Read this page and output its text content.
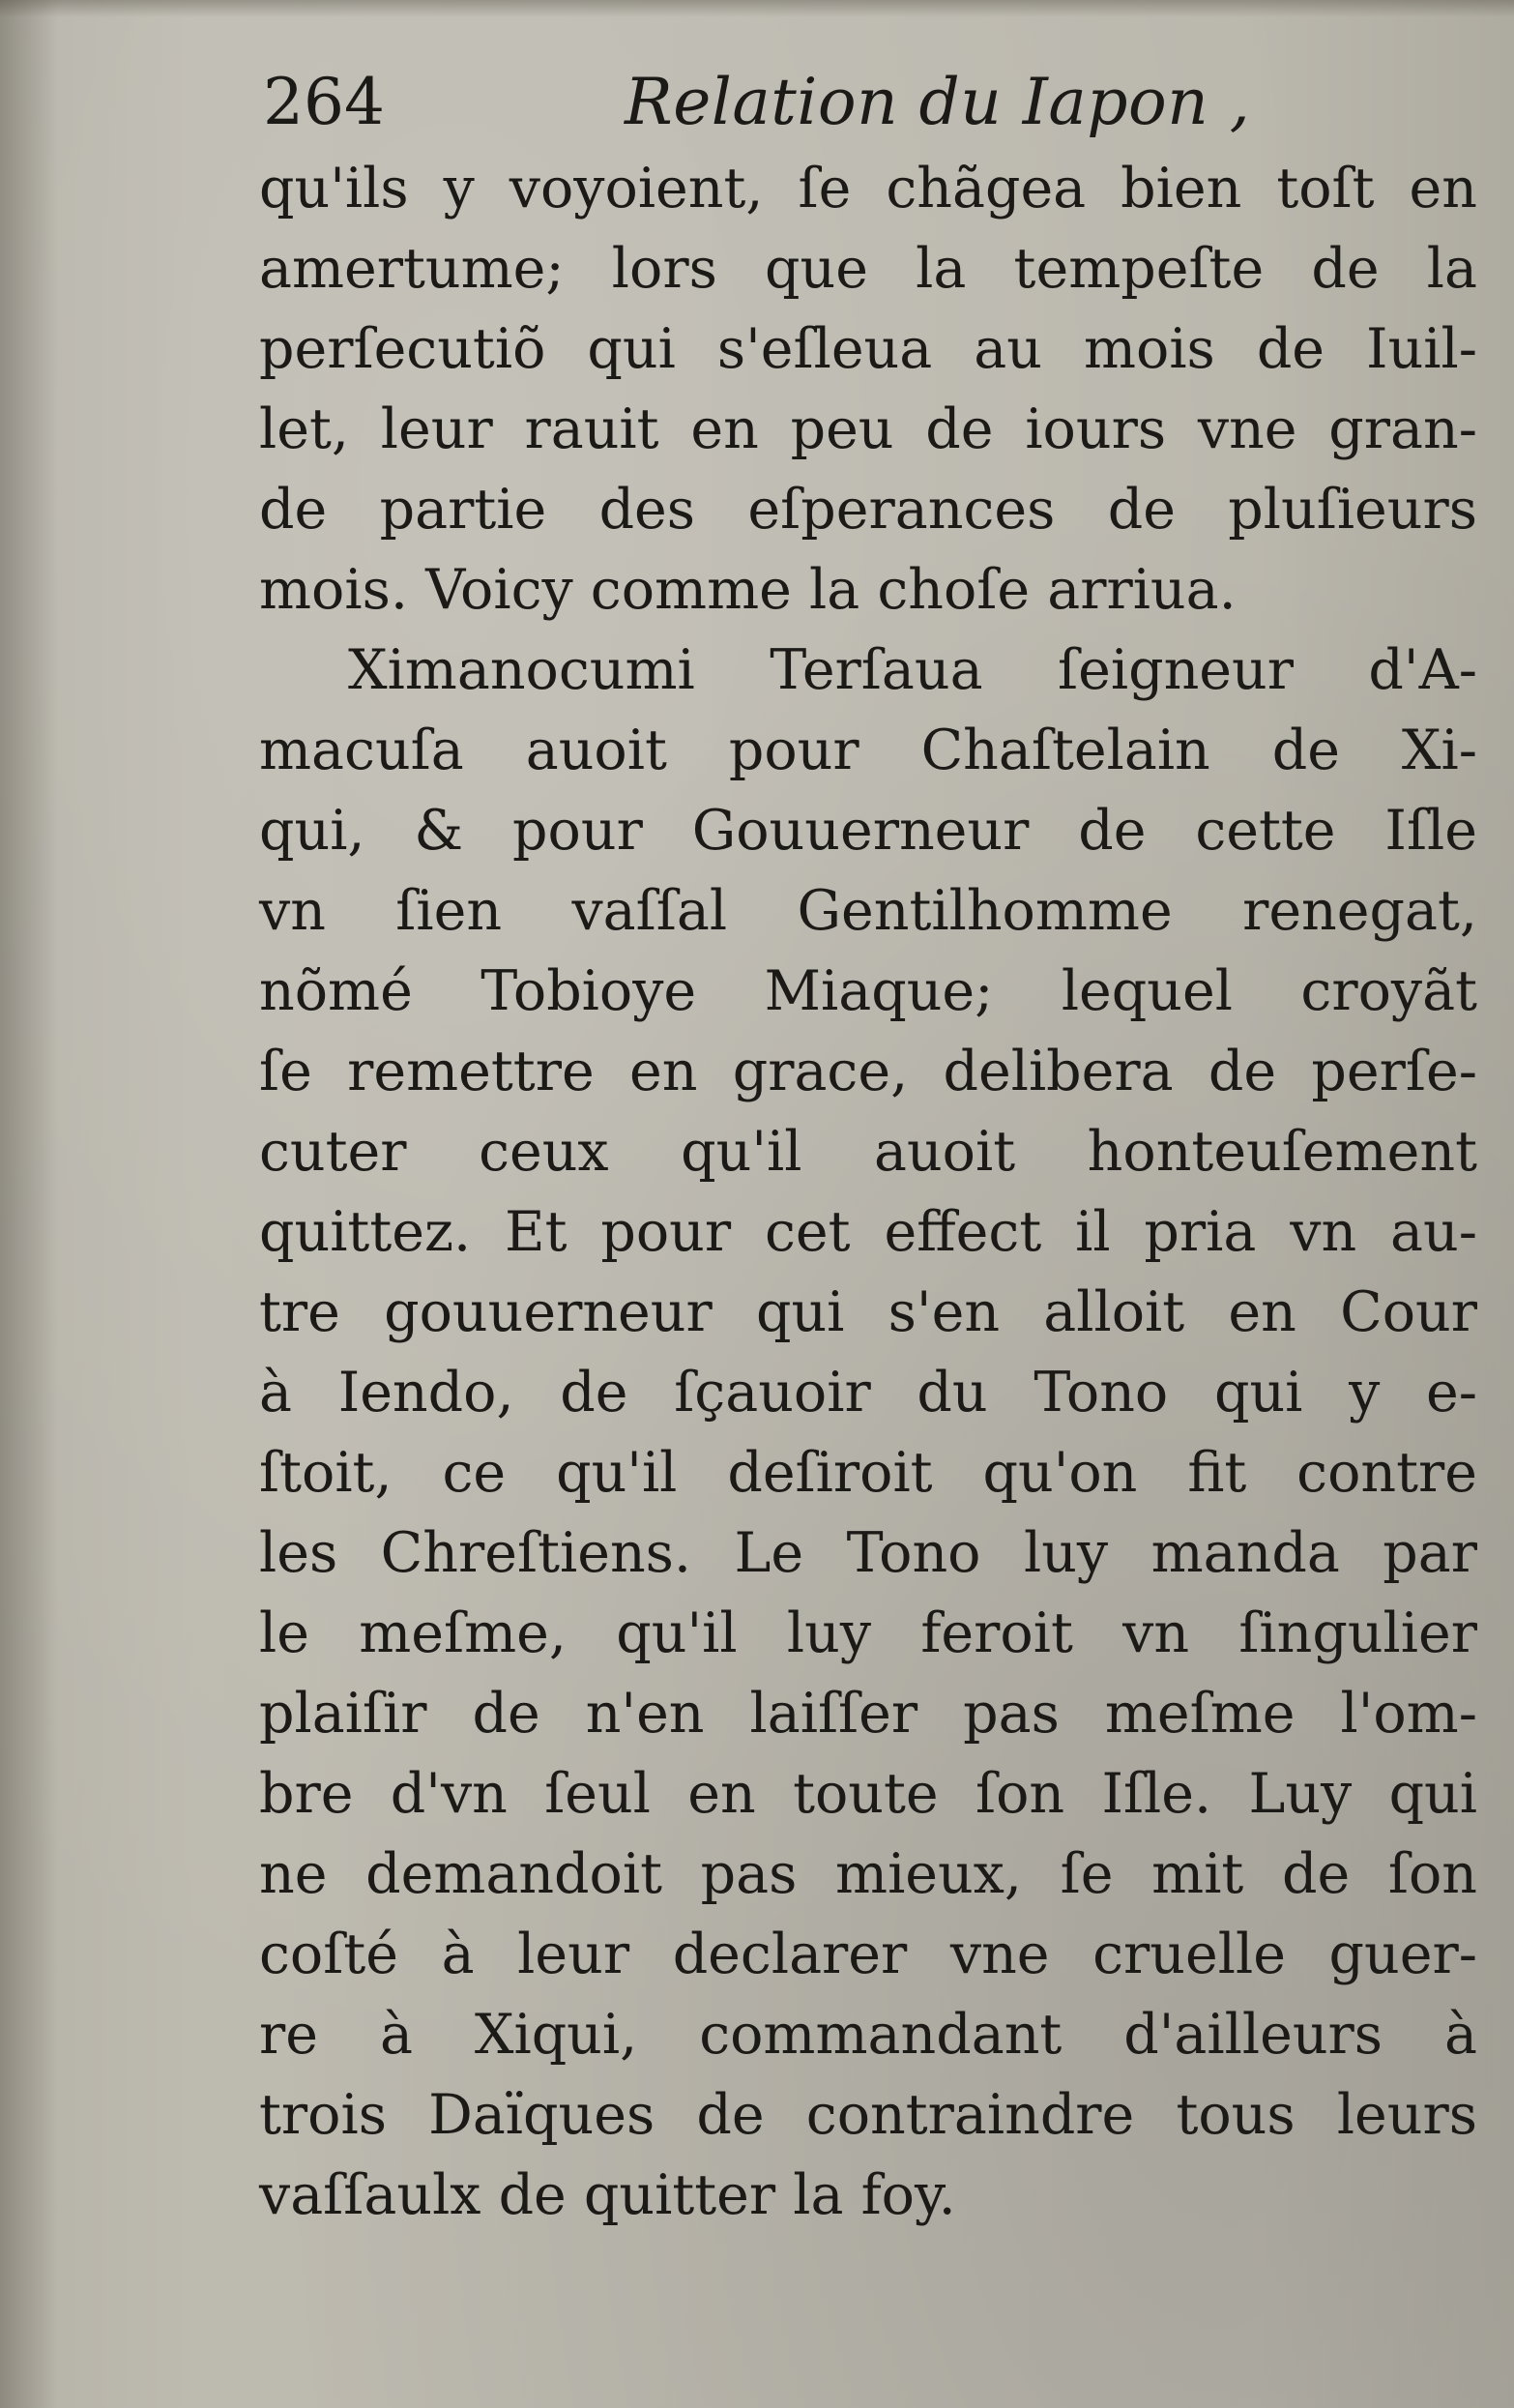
264	Relation du Iapon ,
qu'ils y voyoient, ſe chãgea bien toſt en
amertume; lors que la tempeſte de la
perſecutiõ qui s'eſleua au mois de Iuil-
let, leur rauit en peu de iours vne gran-
de partie des eſperances de pluſieurs
mois. Voicy comme la choſe arriua.
Ximanocumi Terſaua ſeigneur d'A-
macuſa auoit pour Chaſtelain de Xi-
qui, & pour Gouuerneur de cette Iſle
vn ſien vaſſal Gentilhomme renegat,
nõmé Tobioye Miaque; lequel croyãt
ſe remettre en grace, delibera de perſe-
cuter ceux qu'il auoit honteuſement
quittez. Et pour cet effect il pria vn au-
tre gouuerneur qui s'en alloit en Cour
à Iendo, de ſçauoir du Tono qui y e-
ſtoit, ce qu'il deſiroit qu'on fit contre
les Chreſtiens. Le Tono luy manda par
le meſme, qu'il luy feroit vn ſingulier
plaiſir de n'en laiſſer pas meſme l'om-
bre d'vn ſeul en toute ſon Iſle. Luy qui
ne demandoit pas mieux, ſe mit de ſon
coſté à leur declarer vne cruelle guer-
re à Xiqui, commandant d'ailleurs à
trois Daïques de contraindre tous leurs
vaſſaulx de quitter la foy.
